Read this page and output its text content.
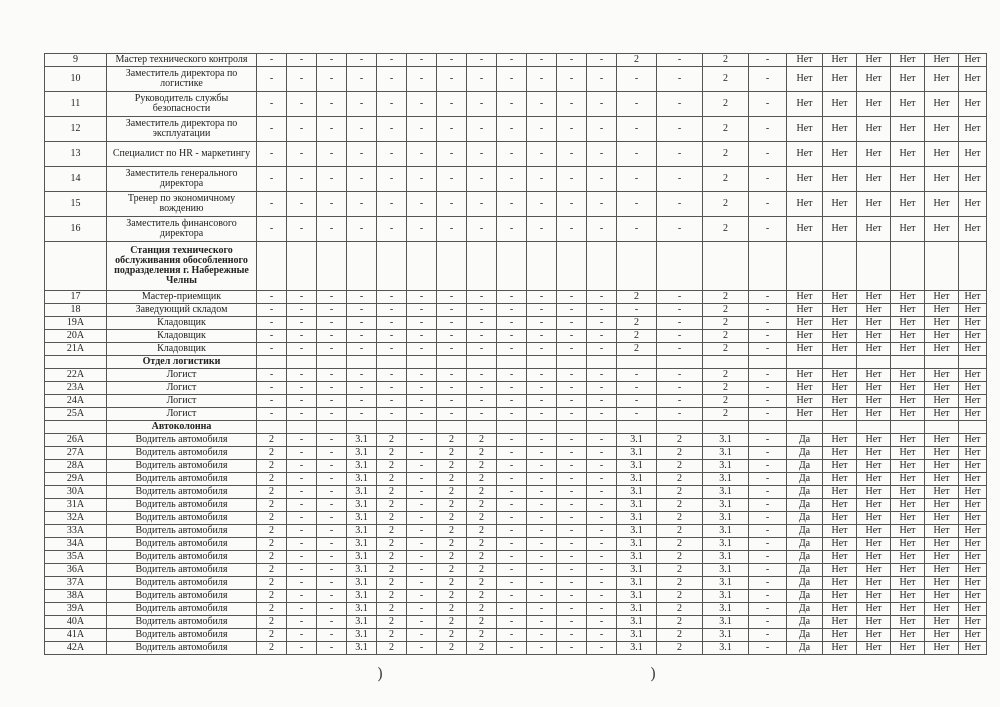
9	Мастер технического контроля	-	-	-	-	-	-	-	-	-	-	-	-	2	-	2	-	Нет	Нет	Нет	Нет	Нет	Нет
10	Заместитель директора по логистике	-	-	-	-	-	-	-	-	-	-	-	-	-	-	2	-	Нет	Нет	Нет	Нет	Нет	Нет
11	Руководитель службы безопасности	-	-	-	-	-	-	-	-	-	-	-	-	-	-	2	-	Нет	Нет	Нет	Нет	Нет	Нет
12	Заместитель директора по эксплуатации	-	-	-	-	-	-	-	-	-	-	-	-	-	-	2	-	Нет	Нет	Нет	Нет	Нет	Нет
13	Специалист по HR - маркетингу	-	-	-	-	-	-	-	-	-	-	-	-	-	-	2	-	Нет	Нет	Нет	Нет	Нет	Нет
14	Заместитель генерального директора	-	-	-	-	-	-	-	-	-	-	-	-	-	-	2	-	Нет	Нет	Нет	Нет	Нет	Нет
15	Тренер по экономичному вождению	-	-	-	-	-	-	-	-	-	-	-	-	-	-	2	-	Нет	Нет	Нет	Нет	Нет	Нет
16	Заместитель финансового директора	-	-	-	-	-	-	-	-	-	-	-	-	-	-	2	-	Нет	Нет	Нет	Нет	Нет	Нет
	Станция технического обслуживания обособленного подразделения г. Набережные Челны																						
17	Мастер-приемщик	-	-	-	-	-	-	-	-	-	-	-	-	2	-	2	-	Нет	Нет	Нет	Нет	Нет	Нет
18	Заведующий складом	-	-	-	-	-	-	-	-	-	-	-	-	-	-	2	-	Нет	Нет	Нет	Нет	Нет	Нет
19А	Кладовщик	-	-	-	-	-	-	-	-	-	-	-	-	2	-	2	-	Нет	Нет	Нет	Нет	Нет	Нет
20А	Кладовщик	-	-	-	-	-	-	-	-	-	-	-	-	2	-	2	-	Нет	Нет	Нет	Нет	Нет	Нет
21А	Кладовщик	-	-	-	-	-	-	-	-	-	-	-	-	2	-	2	-	Нет	Нет	Нет	Нет	Нет	Нет
	Отдел логистики																						
22А	Логист	-	-	-	-	-	-	-	-	-	-	-	-	-	-	2	-	Нет	Нет	Нет	Нет	Нет	Нет
23А	Логист	-	-	-	-	-	-	-	-	-	-	-	-	-	-	2	-	Нет	Нет	Нет	Нет	Нет	Нет
24А	Логист	-	-	-	-	-	-	-	-	-	-	-	-	-	-	2	-	Нет	Нет	Нет	Нет	Нет	Нет
25А	Логист	-	-	-	-	-	-	-	-	-	-	-	-	-	-	2	-	Нет	Нет	Нет	Нет	Нет	Нет
	Автоколонна																						
26А	Водитель автомобиля	2	-	-	3.1	2	-	2	2	-	-	-	-	3.1	2	3.1	-	Да	Нет	Нет	Нет	Нет	Нет
27А	Водитель автомобиля	2	-	-	3.1	2	-	2	2	-	-	-	-	3.1	2	3.1	-	Да	Нет	Нет	Нет	Нет	Нет
28А	Водитель автомобиля	2	-	-	3.1	2	-	2	2	-	-	-	-	3.1	2	3.1	-	Да	Нет	Нет	Нет	Нет	Нет
29А	Водитель автомобиля	2	-	-	3.1	2	-	2	2	-	-	-	-	3.1	2	3.1	-	Да	Нет	Нет	Нет	Нет	Нет
30А	Водитель автомобиля	2	-	-	3.1	2	-	2	2	-	-	-	-	3.1	2	3.1	-	Да	Нет	Нет	Нет	Нет	Нет
31А	Водитель автомобиля	2	-	-	3.1	2	-	2	2	-	-	-	-	3.1	2	3.1	-	Да	Нет	Нет	Нет	Нет	Нет
32А	Водитель автомобиля	2	-	-	3.1	2	-	2	2	-	-	-	-	3.1	2	3.1	-	Да	Нет	Нет	Нет	Нет	Нет
33А	Водитель автомобиля	2	-	-	3.1	2	-	2	2	-	-	-	-	3.1	2	3.1	-	Да	Нет	Нет	Нет	Нет	Нет
34А	Водитель автомобиля	2	-	-	3.1	2	-	2	2	-	-	-	-	3.1	2	3.1	-	Да	Нет	Нет	Нет	Нет	Нет
35А	Водитель автомобиля	2	-	-	3.1	2	-	2	2	-	-	-	-	3.1	2	3.1	-	Да	Нет	Нет	Нет	Нет	Нет
36А	Водитель автомобиля	2	-	-	3.1	2	-	2	2	-	-	-	-	3.1	2	3.1	-	Да	Нет	Нет	Нет	Нет	Нет
37А	Водитель автомобиля	2	-	-	3.1	2	-	2	2	-	-	-	-	3.1	2	3.1	-	Да	Нет	Нет	Нет	Нет	Нет
38А	Водитель автомобиля	2	-	-	3.1	2	-	2	2	-	-	-	-	3.1	2	3.1	-	Да	Нет	Нет	Нет	Нет	Нет
39А	Водитель автомобиля	2	-	-	3.1	2	-	2	2	-	-	-	-	3.1	2	3.1	-	Да	Нет	Нет	Нет	Нет	Нет
40А	Водитель автомобиля	2	-	-	3.1	2	-	2	2	-	-	-	-	3.1	2	3.1	-	Да	Нет	Нет	Нет	Нет	Нет
41А	Водитель автомобиля	2	-	-	3.1	2	-	2	2	-	-	-	-	3.1	2	3.1	-	Да	Нет	Нет	Нет	Нет	Нет
42А	Водитель автомобиля	2	-	-	3.1	2	-	2	2	-	-	-	-	3.1	2	3.1	-	Да	Нет	Нет	Нет	Нет	Нет
)	)
